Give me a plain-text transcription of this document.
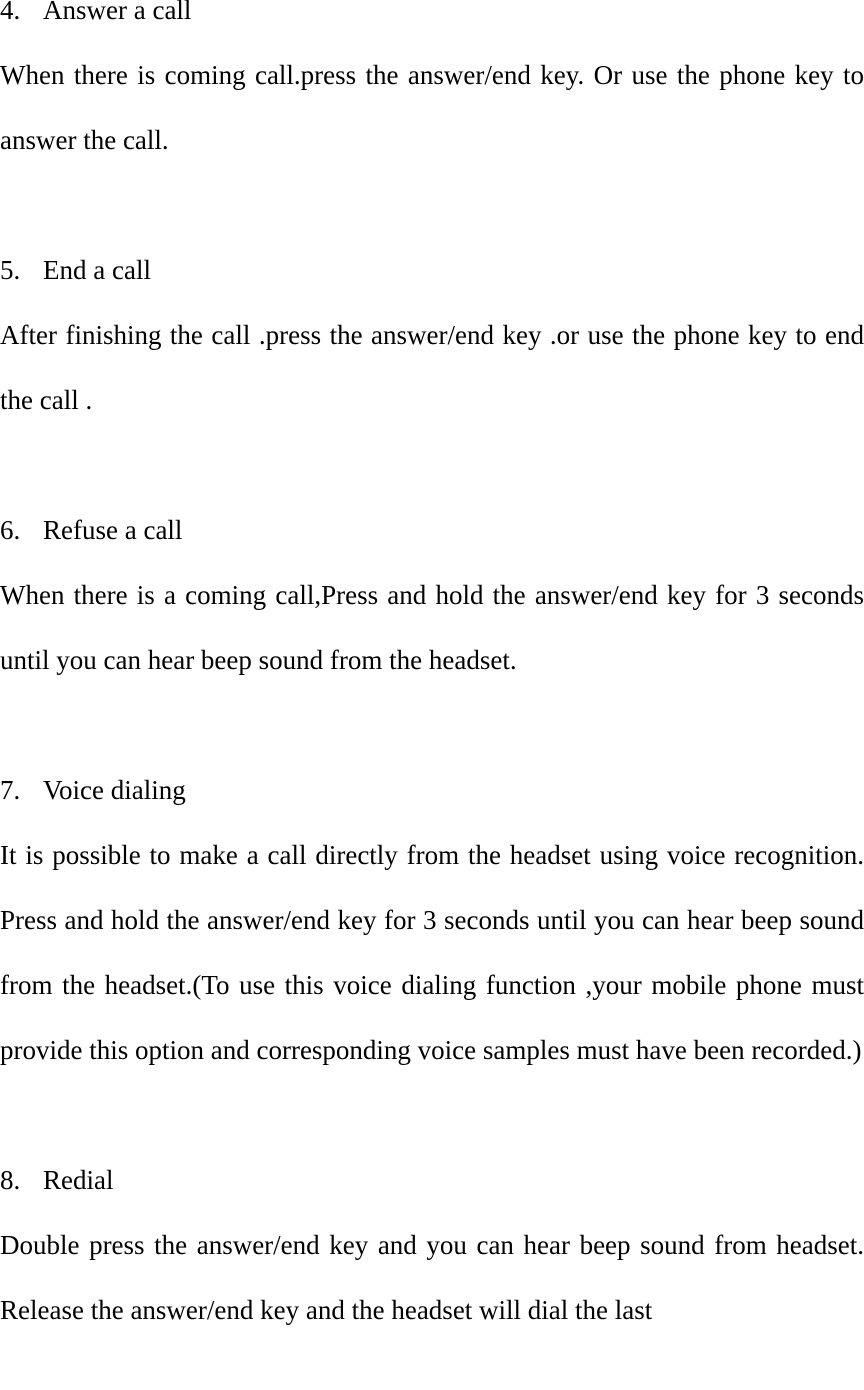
4. Answer a call

When there is coming call.press the answer/end key. Or use the phone key to answer the call.

5. End a call

After finishing the call .press the answer/end key .or use the phone key to end the call .

6. Refuse a call

When there is a coming call,Press and hold the answer/end key for 3 seconds until you can hear beep sound from the headset.

7. Voice dialing

It is possible to make a call directly from the headset using voice recognition. Press and hold the answer/end key for 3 seconds until you can hear beep sound from the headset.(To use this voice dialing function ,your mobile phone must provide this option and corresponding voice samples must have been recorded.)

8. Redial

Double press the answer/end key and you can hear beep sound from headset. Release the answer/end key and the headset will dial the last
